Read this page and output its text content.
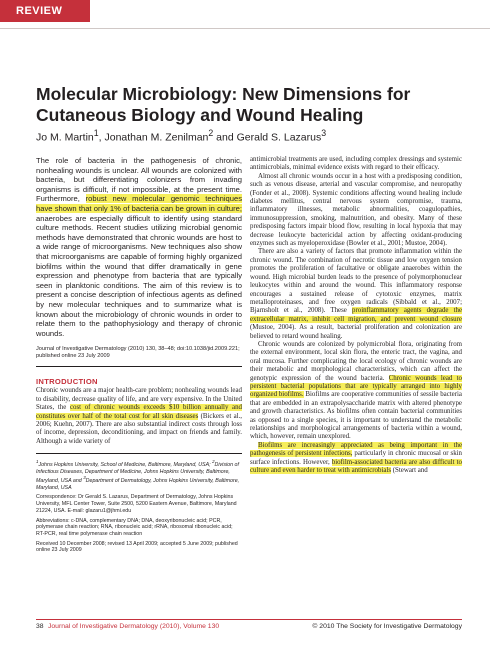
REVIEW
Molecular Microbiology: New Dimensions for Cutaneous Biology and Wound Healing
Jo M. Martin$^1$, Jonathan M. Zenilman$^2$ and Gerald S. Lazarus$^3$

The role of bacteria in the pathogenesis of chronic, nonhealing wounds is unclear. All wounds are colonized with bacteria, but differentiating colonizers from invading organisms is difficult, if not impossible, at the present time. Furthermore, robust new molecular genomic techniques have shown that only 1% of bacteria can be grown in culture; anaerobes are especially difficult to identify using standard culture methods. Recent studies utilizing microbial genomic methods have demonstrated that chronic wounds are host to a wide range of microorganisms. New techniques also show that microorganisms are capable of forming highly organized biofilms within the wound that differ dramatically in gene expression and phenotype from bacteria that are typically seen in planktonic conditions. The aim of this review is to present a concise description of infectious agents as defined by new molecular techniques and to summarize what is known about the microbiology of chronic wounds in order to relate them to the pathophysiology and therapy of chronic wounds.

Journal of Investigative Dermatology (2010) 130, 38–48; doi:10.1038/jid.2009.221; published online 23 July 2009
INTRODUCTION

Chronic wounds are a major health-care problem; nonhealing wounds lead to disability, decrease quality of life, and are very expensive. In the United States, the cost of chronic wounds exceeds $10 billion annually and constitutes over half of the total cost for all skin diseases (Bickers et al., 2006; Kuehn, 2007). There are also substantial indirect costs through loss of income, depression, deconditioning, and impact on friends and family. Although a wide variety of

$^1$Johns Hopkins University, School of Medicine, Baltimore, Maryland, USA; $^2$Division of Infectious Diseases, Department of Medicine, Johns Hopkins University, Baltimore, Maryland, USA and $^3$Department of Dermatology, Johns Hopkins University, Baltimore, Maryland, USA
Correspondence: Dr Gerald S. Lazarus, Department of Dermatology, Johns Hopkins University, MFL Center Tower, Suite 2500, 5200 Eastern Avenue, Baltimore, Maryland 21224, USA. E-mail: glazaru1@jhmi.edu
Abbreviations: c-DNA, complementary DNA; DNA, deoxyribonucleic acid; PCR, polymerase chain reaction; RNA, ribonucleic acid; rRNA, ribosomal ribonucleic acid; RT-PCR, real time polymerase chain reaction
Received 10 December 2008; revised 13 April 2009; accepted 5 June 2009; published online 23 July 2009

antimicrobial treatments are used, including complex dressings and systemic antimicrobials, minimal evidence exists with regard to their efficacy.

Almost all chronic wounds occur in a host with a predisposing condition, such as venous disease, arterial and vascular compromise, and neuropathy (Fonder et al., 2008). Systemic conditions affecting wound healing include diabetes mellitus, central nervous system compromise, trauma, inflammatory illnesses, metabolic abnormalities, coagulopathies, immunosuppression, smoking, malnutrition, and obesity. Many of these predisposing factors impair blood flow, resulting in local hypoxia that may decrease leukocyte bactericidal action by affecting oxidant-producing enzymes such as myeloperoxidase (Bowler et al., 2001; Mustoe, 2004).

There are also a variety of factors that promote inflammation within the chronic wound. The combination of necrotic tissue and low oxygen tension promotes the proliferation of facultative or obligate anaerobes within the wound. High microbial burden leads to the presence of polymorphonuclear leukocytes within and around the wound. This inflammatory response encourages a sustained release of cytotoxic enzymes, matrix metalloproteinases, and free oxygen radicals (Sibbald et al., 2007; Bjarnsholt et al., 2008). These proinflammatory agents degrade the extracellular matrix, inhibit cell migration, and prevent wound closure (Mustoe, 2004). As a result, bacterial proliferation and colonization are believed to retard wound healing.

Chronic wounds are colonized by polymicrobial flora, originating from the external environment, local skin flora, the enteric tract, the vagina, and oral mucosa. Further complicating the local ecology of chronic wounds are their metabolic and morphological characteristics, which can affect the genotypic expression of the wound bacteria. Chronic wounds lead to persistent bacterial populations that are typically arranged into highly organized biofilms. Biofilms are cooperative communities of sessile bacteria that are embedded in an extrapolysaccharide matrix with altered phenotype and growth characteristics. As biofilms often contain bacterial communities as opposed to a single species, it is important to understand the metabolic relationships and morphological arrangements of bacteria within a wound, which, however, remain unexplored.

Biofilms are increasingly appreciated as being important in the pathogenesis of persistent infections, particularly in chronic mucosal or skin surface infections. However, biofilm-associated bacteria are also difficult to culture and even harder to treat with antimicrobials (Stewart and

38 Journal of Investigative Dermatology (2010), Volume 130	© 2010 The Society for Investigative Dermatology
